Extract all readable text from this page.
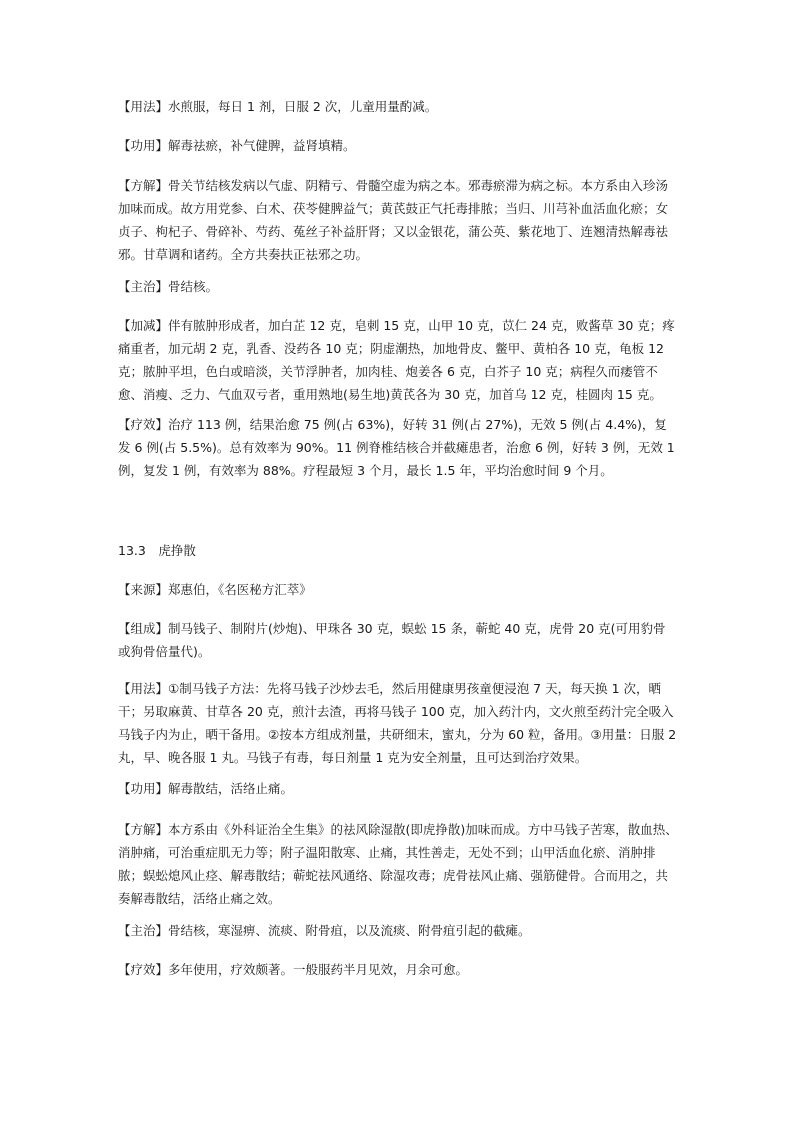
【用法】水煎服，每日 1 剂，日服 2 次，儿童用量酌减。

【功用】解毒祛瘀，补气健脾，益肾填精。

【方解】骨关节结核发病以气虚、阴精亏、骨髓空虚为病之本。邪毒瘀滞为病之标。本方系由入珍汤加味而成。故方用党参、白术、茯苓健脾益气；黄芪鼓正气托毒排脓；当归、川芎补血活血化瘀；女贞子、枸杞子、骨碎补、芍药、菟丝子补益肝肾；又以金银花，蒲公英、紫花地丁、连翘清热解毒祛邪。甘草调和诸药。全方共奏扶正祛邪之功。

【主治】骨结核。

【加减】伴有脓肿形成者，加白芷 12 克，皂刺 15 克，山甲 10 克，苡仁 24 克，败酱草 30 克；疼痛重者，加元胡 2 克，乳香、没药各 10 克；阴虚潮热，加地骨皮、鳖甲、黄柏各 10 克，龟板 12 克；脓肿平坦，色白或暗淡，关节浮肿者，加肉桂、炮姜各 6 克，白芥子 10 克；病程久而痿管不愈、消瘦、乏力、气血双亏者，重用熟地(易生地)黄芪各为 30 克，加首乌 12 克，桂圆肉 15 克。

【疗效】治疗 113 例，结果治愈 75 例(占 63%)，好转 31 例(占 27%)，无效 5 例(占 4.4%)，复发 6 例(占 5.5%)。总有效率为 90%。11 例脊椎结核合并截瘫患者，治愈 6 例，好转 3 例，无效 1 例，复发 1 例，有效率为 88%。疗程最短 3 个月，最长 1.5 年，平均治愈时间 9 个月。

13.3　虎挣散

【来源】郑惠伯，《名医秘方汇萃》

【组成】制马钱子、制附片(炒炮)、甲珠各 30 克，蜈蚣 15 条，蕲蛇 40 克，虎骨 20 克(可用豹骨或狗骨倍量代)。

【用法】①制马钱子方法：先将马钱子沙炒去毛，然后用健康男孩童便浸泡 7 天，每天换 1 次，晒干；另取麻黄、甘草各 20 克，煎汁去渣，再将马钱子 100 克，加入药汁内，文火煎至药汁完全吸入马钱子内为止，晒干备用。②按本方组成剂量，共研细末，蜜丸，分为 60 粒，备用。③用量：日服 2 丸，早、晚各服 1 丸。马钱子有毒，每日剂量 1 克为安全剂量，且可达到治疗效果。

【功用】解毒散结，活络止痛。

【方解】本方系由《外科证治全生集》的祛风除湿散(即虎挣散)加味而成。方中马钱子苦寒，散血热、消肿痛，可治重症肌无力等；附子温阳散寒、止痛，其性善走，无处不到；山甲活血化瘀、消肿排脓；蜈蚣熄风止痉、解毒散结；蕲蛇祛风通络、除湿攻毒；虎骨祛风止痛、强筋健骨。合而用之，共奏解毒散结，活络止痛之效。

【主治】骨结核，寒湿痹、流痰、附骨疽，以及流痰、附骨疽引起的截瘫。

【疗效】多年使用，疗效颇著。一般服药半月见效，月余可愈。
